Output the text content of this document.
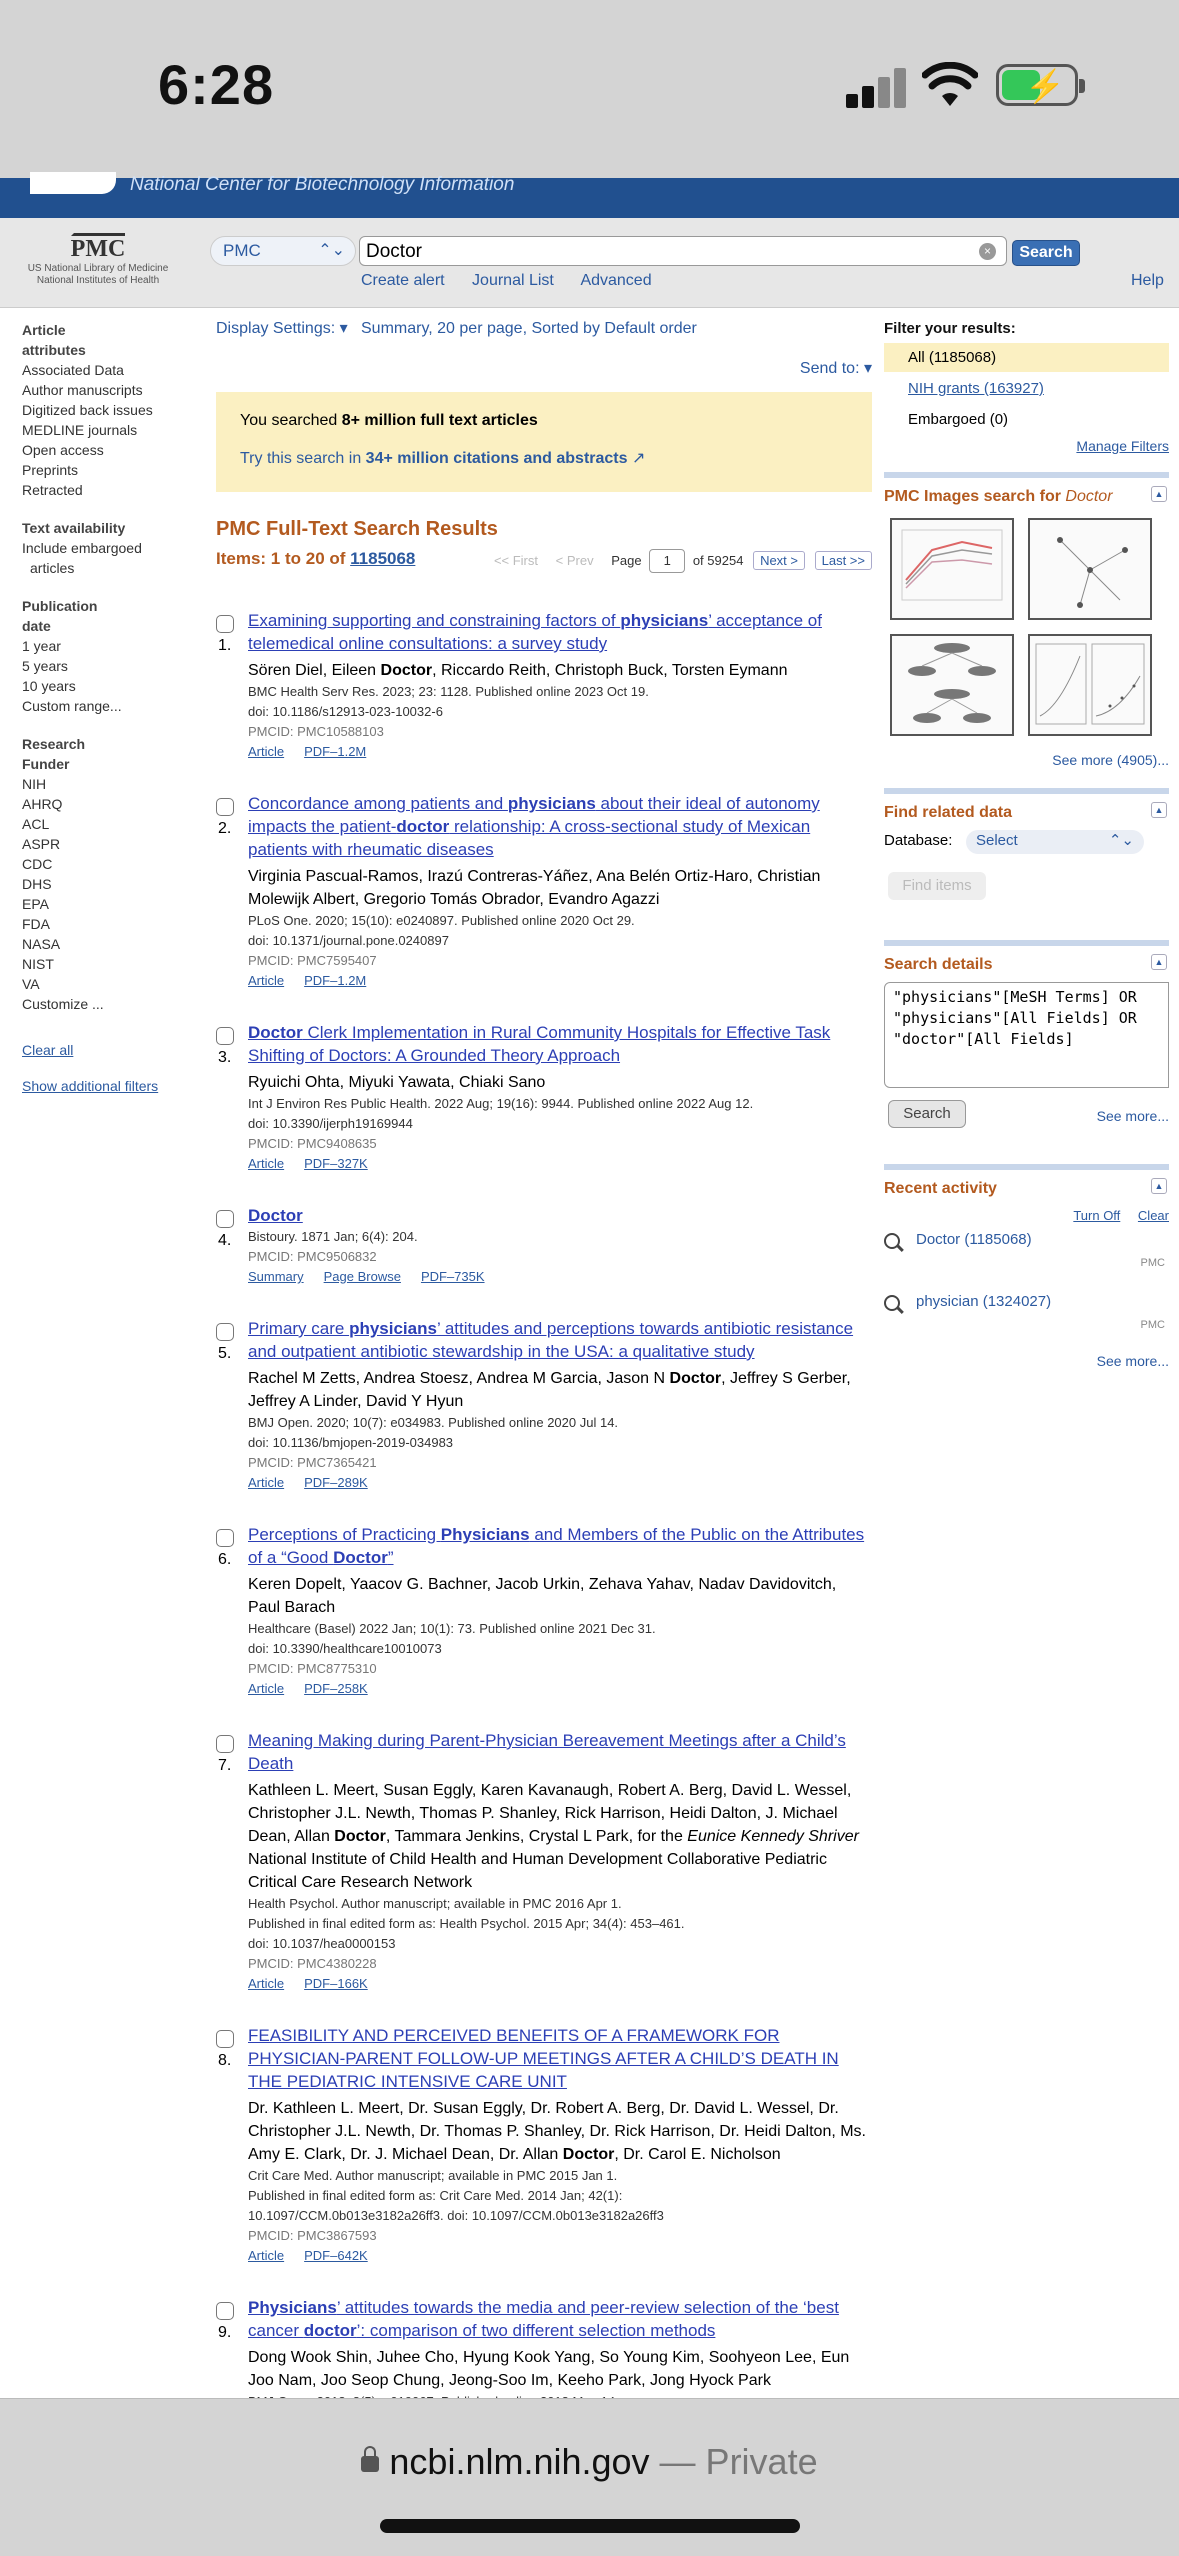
6:28	⚡
National Center for Biotechnology Information
PMC
US National Library of Medicine
National Institutes of Health
PMC	⌃⌄	Doctor	×	Search
Create alert Journal List Advanced	Help
Article
attributes
Associated Data
Author manuscripts
Digitized back issues
MEDLINE journals
Open access
Preprints
Retracted
Text availability
Include embargoed
articles
Publication
date
1 year
5 years
10 years
Custom range...
Research
Funder
NIH
AHRQ
ACL
ASPR
CDC
DHS
EPA
FDA
NASA
NIST
VA
Customize ...
Clear all
Show additional filters
Display Settings: ▾ Summary, 20 per page, Sorted by Default order
Send to: ▾
You searched 8+ million full text articles
Try this search in 34+ million citations and abstracts ↗
PMC Full-Text Search Results
Items: 1 to 20 of 1185068	<< First < Prev Page 1 of 59254 Next > Last >>
1.
Examining supporting and constraining factors of physicians’ acceptance of telemedical online consultations: a survey study
Sören Diel, Eileen Doctor, Riccardo Reith, Christoph Buck, Torsten Eymann
BMC Health Serv Res. 2023; 23: 1128. Published online 2023 Oct 19.
doi: 10.1186/s12913-023-10032-6
PMCID: PMC10588103
Article PDF–1.2M
2.
Concordance among patients and physicians about their ideal of autonomy impacts the patient-doctor relationship: A cross-sectional study of Mexican patients with rheumatic diseases
Virginia Pascual-Ramos, Irazú Contreras-Yáñez, Ana Belén Ortiz-Haro, Christian Molewijk Albert, Gregorio Tomás Obrador, Evandro Agazzi
PLoS One. 2020; 15(10): e0240897. Published online 2020 Oct 29.
doi: 10.1371/journal.pone.0240897
PMCID: PMC7595407
Article PDF–1.2M
3.
Doctor Clerk Implementation in Rural Community Hospitals for Effective Task Shifting of Doctors: A Grounded Theory Approach
Ryuichi Ohta, Miyuki Yawata, Chiaki Sano
Int J Environ Res Public Health. 2022 Aug; 19(16): 9944. Published online 2022 Aug 12.
doi: 10.3390/ijerph19169944
PMCID: PMC9408635
Article PDF–327K
4.
Doctor
Bistoury. 1871 Jan; 6(4): 204.
PMCID: PMC9506832
Summary Page Browse PDF–735K
5.
Primary care physicians’ attitudes and perceptions towards antibiotic resistance and outpatient antibiotic stewardship in the USA: a qualitative study
Rachel M Zetts, Andrea Stoesz, Andrea M Garcia, Jason N Doctor, Jeffrey S Gerber, Jeffrey A Linder, David Y Hyun
BMJ Open. 2020; 10(7): e034983. Published online 2020 Jul 14.
doi: 10.1136/bmjopen-2019-034983
PMCID: PMC7365421
Article PDF–289K
6.
Perceptions of Practicing Physicians and Members of the Public on the Attributes of a “Good Doctor”
Keren Dopelt, Yaacov G. Bachner, Jacob Urkin, Zehava Yahav, Nadav Davidovitch, Paul Barach
Healthcare (Basel) 2022 Jan; 10(1): 73. Published online 2021 Dec 31.
doi: 10.3390/healthcare10010073
PMCID: PMC8775310
Article PDF–258K
7.
Meaning Making during Parent-Physician Bereavement Meetings after a Child’s Death
Kathleen L. Meert, Susan Eggly, Karen Kavanaugh, Robert A. Berg, David L. Wessel, Christopher J.L. Newth, Thomas P. Shanley, Rick Harrison, Heidi Dalton, J. Michael Dean, Allan Doctor, Tammara Jenkins, Crystal L Park, for the Eunice Kennedy Shriver National Institute of Child Health and Human Development Collaborative Pediatric Critical Care Research Network
Health Psychol. Author manuscript; available in PMC 2016 Apr 1.
Published in final edited form as: Health Psychol. 2015 Apr; 34(4): 453–461.
doi: 10.1037/hea0000153
PMCID: PMC4380228
Article PDF–166K
8.
FEASIBILITY AND PERCEIVED BENEFITS OF A FRAMEWORK FOR PHYSICIAN-PARENT FOLLOW-UP MEETINGS AFTER A CHILD’S DEATH IN THE PEDIATRIC INTENSIVE CARE UNIT
Dr. Kathleen L. Meert, Dr. Susan Eggly, Dr. Robert A. Berg, Dr. David L. Wessel, Dr. Christopher J.L. Newth, Dr. Thomas P. Shanley, Dr. Rick Harrison, Dr. Heidi Dalton, Ms. Amy E. Clark, Dr. J. Michael Dean, Dr. Allan Doctor, Dr. Carol E. Nicholson
Crit Care Med. Author manuscript; available in PMC 2015 Jan 1.
Published in final edited form as: Crit Care Med. 2014 Jan; 42(1):
10.1097/CCM.0b013e3182a26ff3. doi: 10.1097/CCM.0b013e3182a26ff3
PMCID: PMC3867593
Article PDF–642K
9.
Physicians’ attitudes towards the media and peer-review selection of the ‘best cancer doctor’: comparison of two different selection methods
Dong Wook Shin, Juhee Cho, Hyung Kook Yang, So Young Kim, Soohyeon Lee, Eun Joo Nam, Joo Seop Chung, Jeong-Soo Im, Keeho Park, Jong Hyock Park
Filter your results:
All (1185068)
NIH grants (163927)
Embargoed (0)
Manage Filters
PMC Images search for Doctor	▲
See more (4905)...
Find related data	▲
Database:	Select	⌃⌄
Find items
Search details	▲
"physicians"[MeSH Terms] OR
"physicians"[All Fields] OR
"doctor"[All Fields]
Search	See more...
Recent activity	▲
Turn Off Clear
Doctor (1185068)
PMC
physician (1324027)
PMC
See more...
ncbi.nlm.nih.gov — Private
